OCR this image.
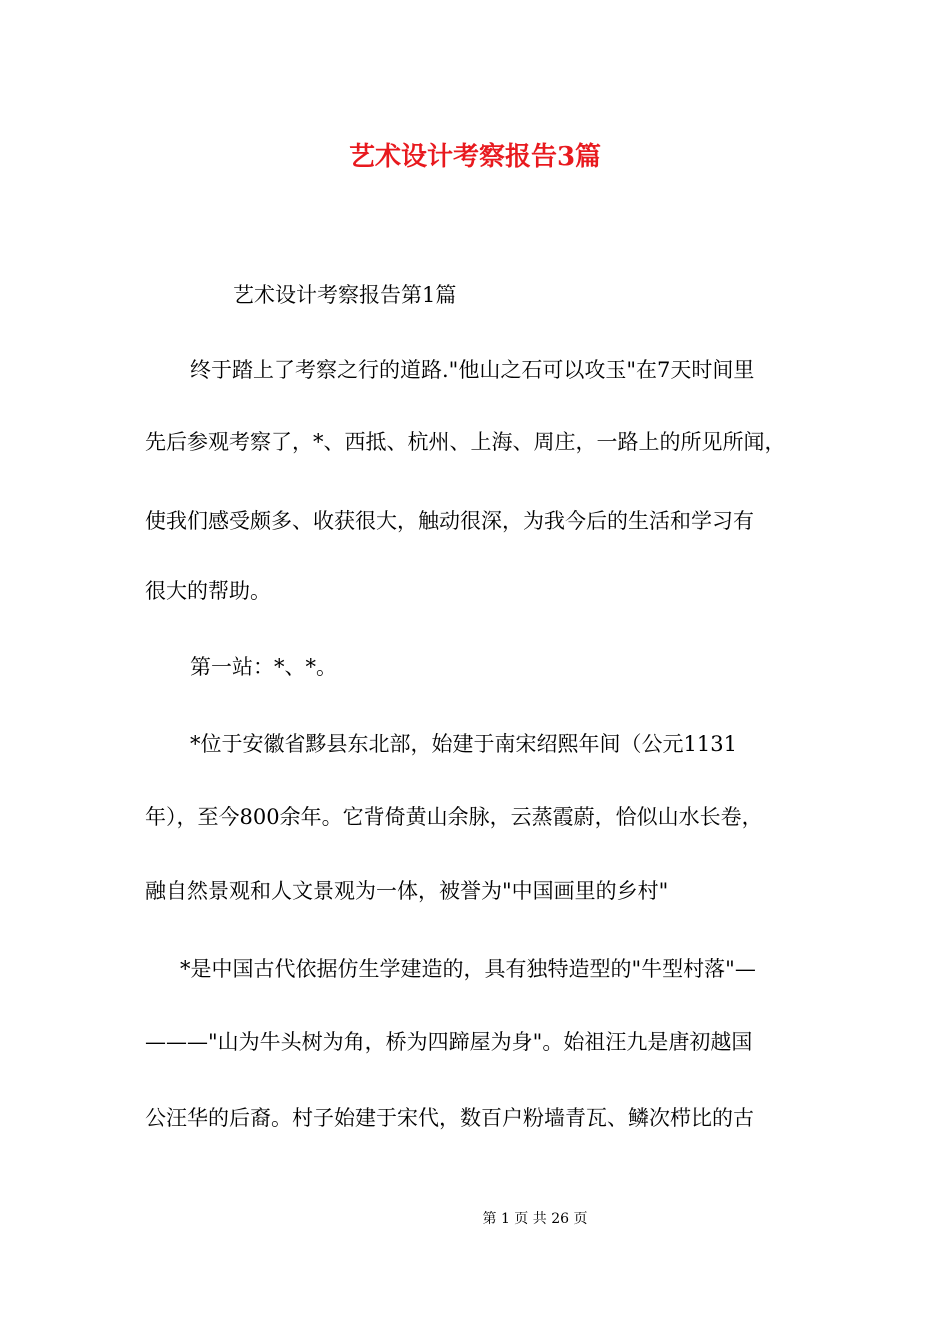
艺术设计考察报告3篇
艺术设计考察报告第1篇
终于踏上了考察之行的道路."他山之石可以攻玉"在7天时间里
先后参观考察了，*、西抵、杭州、上海、周庄，一路上的所见所闻，
使我们感受颇多、收获很大，触动很深，为我今后的生活和学习有
很大的帮助。
第一站：*、*。
*位于安徽省黟县东北部，始建于南宋绍熙年间（公元1131
年），至今800余年。它背倚黄山余脉，云蒸霞蔚，恰似山水长卷，
融自然景观和人文景观为一体，被誉为"中国画里的乡村"
*是中国古代依据仿生学建造的，具有独特造型的"牛型村落"—
———"山为牛头树为角，桥为四蹄屋为身"。始祖汪九是唐初越国
公汪华的后裔。村子始建于宋代，数百户粉墙青瓦、鳞次栉比的古
第 1 页 共 26 页
